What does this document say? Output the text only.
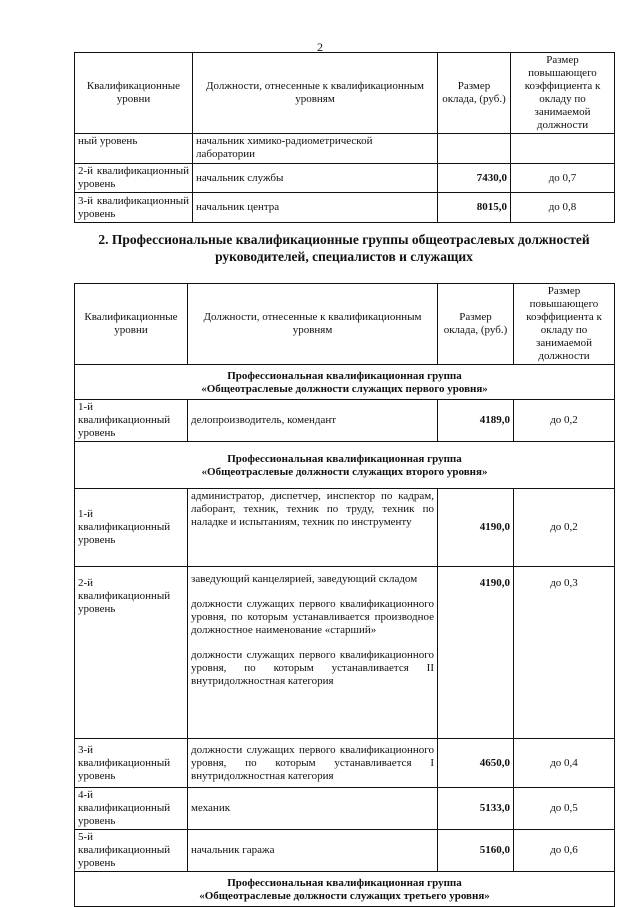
2
Квалификационные уровни	Должности, отнесенные к квалификационным уровням	Размер оклада, (руб.)	Размер повышающего коэффициента к окладу по занимаемой должности
ный уровень	начальник химико-радиометрической лаборатории		
2-й квалификационный уровень	начальник службы	7430,0	до 0,7
3-й квалификационный уровень	начальник центра	8015,0	до 0,8
2. Профессиональные квалификационные группы общеотраслевых должностей руководителей, специалистов и служащих
Квалификационные уровни	Должности, отнесенные к квалификационным уровням	Размер оклада, (руб.)	Размер повышающего коэффициента к окладу по занимаемой должности

Профессиональная квалификационная группа
«Общеотраслевые должности служащих первого уровня»			

1-й квалификационный уровень	делопроизводитель, комендант	4189,0	до 0,2

Профессиональная квалификационная группа
«Общеотраслевые должности служащих второго уровня»			

1-й квалификационный уровень	администратор, диспетчер, инспектор по кадрам, лаборант, техник, техник по труду, техник по наладке и испытаниям, техник по инструменту	4190,0	до 0,2
2-й квалификационный уровень	заведующий канцелярией, заведующий складом
должности служащих первого квалификационного уровня, по которым устанавливается производное должностное наименование «старший»
должности служащих первого квалификационного уровня, по которым устанавливается II внутридолжностная категория	4190,0	до 0,3
3-й квалификационный уровень	должности служащих первого квалификационного уровня, по которым устанавливается I внутридолжностная категория	4650,0	до 0,4
4-й квалификационный уровень	механик	5133,0	до 0,5
5-й квалификационный уровень	начальник гаража	5160,0	до 0,6

Профессиональная квалификационная группа
«Общеотраслевые должности служащих третьего уровня»			
